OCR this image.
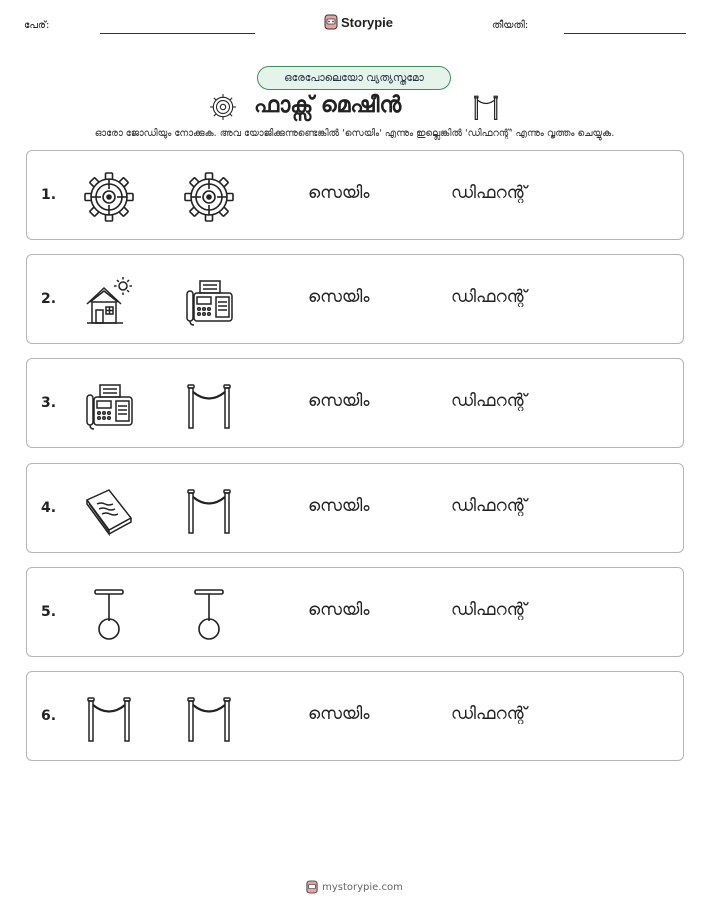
പേര്:	Storypie	തീയതി:
ഒരേപോലെയോ വ്യത്യസ്തമോ
ഫാക്സ് മെഷീൻ
ഓരോ ജോഡിയും നോക്കുക. അവ യോജിക്കുന്നുണ്ടെങ്കിൽ 'സെയിം' എന്നും ഇല്ലെങ്കിൽ 'ഡിഫറന്റ്' എന്നും വൃത്തം ചെയ്യുക.
1.	സെയിം	ഡിഫറന്റ്
2.	സെയിം	ഡിഫറന്റ്
3.	സെയിം	ഡിഫറന്റ്
4.	സെയിം	ഡിഫറന്റ്
5.	സെയിം	ഡിഫറന്റ്
6.	സെയിം	ഡിഫറന്റ്
mystorypie.com
